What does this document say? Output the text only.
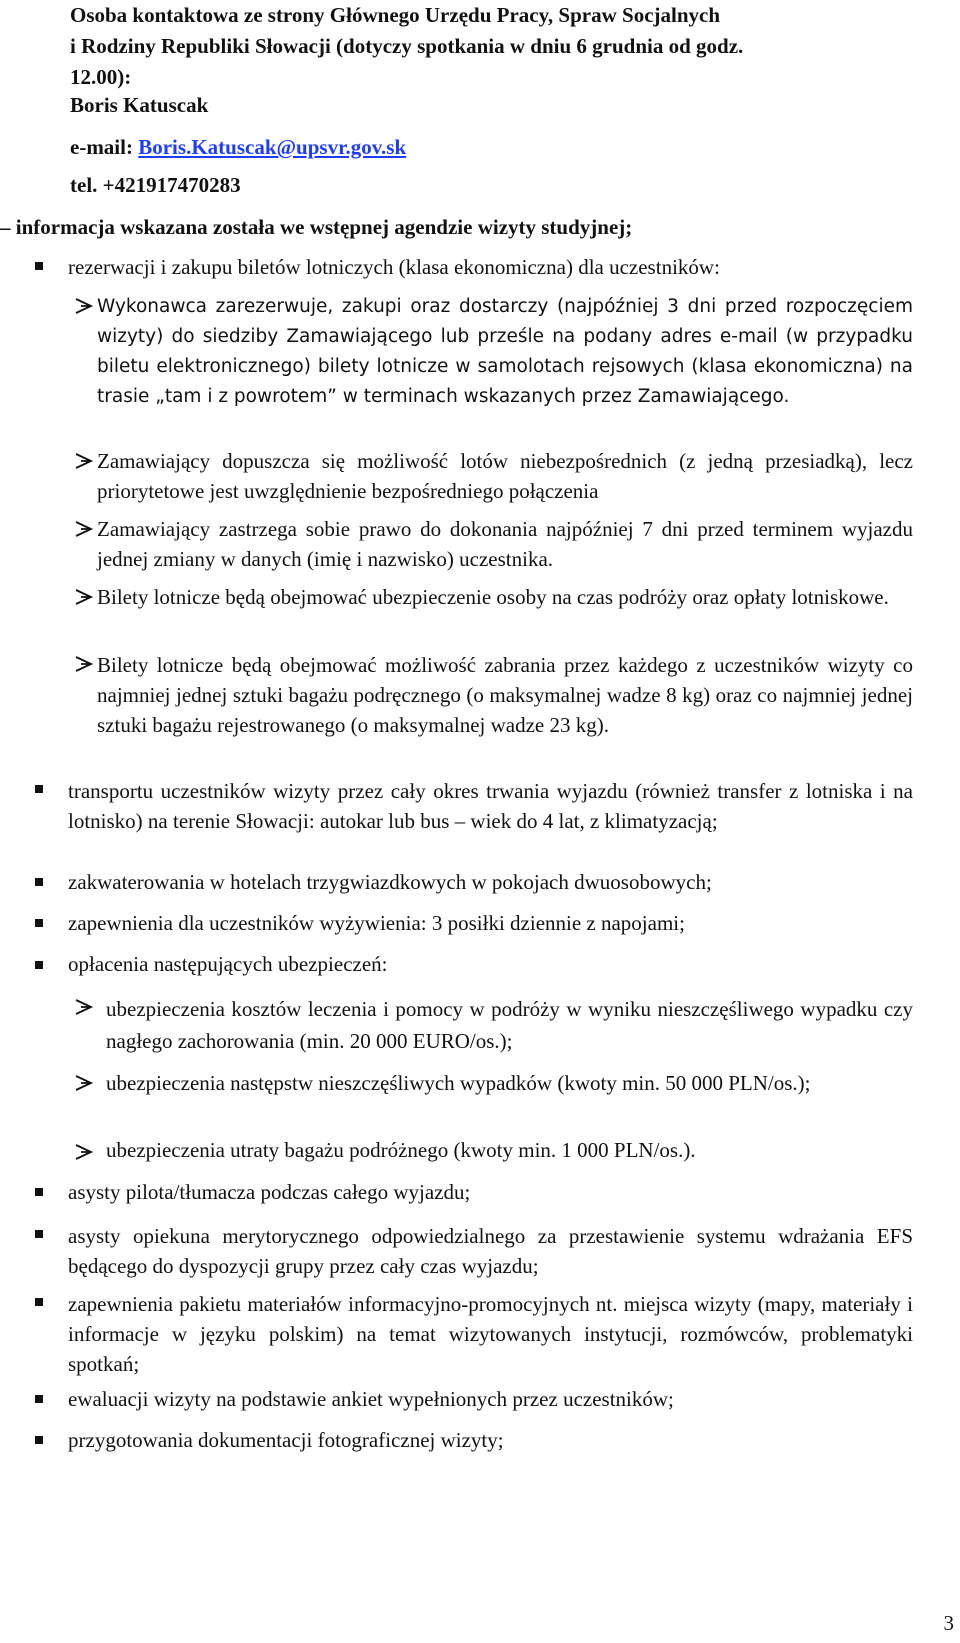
Osoba kontaktowa ze strony Głównego Urzędu Pracy, Spraw Socjalnych
i Rodziny Republiki Słowacji (dotyczy spotkania w dniu 6 grudnia od godz.
12.00):
Boris Katuscak
e-mail: Boris.Katuscak@upsvr.gov.sk
tel. +421917470283
– informacja wskazana została we wstępnej agendzie wizyty studyjnej;
rezerwacji i zakupu biletów lotniczych (klasa ekonomiczna) dla uczestników:
Wykonawca zarezerwuje, zakupi oraz dostarczy (najpóźniej 3 dni przed rozpoczęciem wizyty) do siedziby Zamawiającego lub prześle na podany adres e-mail (w przypadku biletu elektronicznego) bilety lotnicze w samolotach rejsowych (klasa ekonomiczna) na trasie „tam i z powrotem” w terminach wskazanych przez Zamawiającego.
Zamawiający dopuszcza się możliwość lotów niebezpośrednich (z jedną przesiadką), lecz priorytetowe jest uwzględnienie bezpośredniego połączenia
Zamawiający zastrzega sobie prawo do dokonania najpóźniej 7 dni przed terminem wyjazdu jednej zmiany w danych (imię i nazwisko) uczestnika.
Bilety lotnicze będą obejmować ubezpieczenie osoby na czas podróży oraz opłaty lotniskowe.
Bilety lotnicze będą obejmować możliwość zabrania przez każdego z uczestników wizyty co najmniej jednej sztuki bagażu podręcznego (o maksymalnej wadze 8 kg) oraz co najmniej jednej sztuki bagażu rejestrowanego (o maksymalnej wadze 23 kg).
transportu uczestników wizyty przez cały okres trwania wyjazdu (również transfer z lotniska i na lotnisko) na terenie Słowacji: autokar lub bus – wiek do 4 lat, z klimatyzacją;
zakwaterowania w hotelach trzygwiazdkowych w pokojach dwuosobowych;
zapewnienia dla uczestników wyżywienia: 3 posiłki dziennie z napojami;
opłacenia następujących ubezpieczeń:
ubezpieczenia kosztów leczenia i pomocy w podróży w wyniku nieszczęśliwego wypadku czy nagłego zachorowania (min. 20 000 EURO/os.);
ubezpieczenia następstw nieszczęśliwych wypadków (kwoty min. 50 000 PLN/os.);
ubezpieczenia utraty bagażu podróżnego (kwoty min. 1 000 PLN/os.).
asysty pilota/tłumacza podczas całego wyjazdu;
asysty opiekuna merytorycznego odpowiedzialnego za przestawienie systemu wdrażania EFS będącego do dyspozycji grupy przez cały czas wyjazdu;
zapewnienia pakietu materiałów informacyjno-promocyjnych nt. miejsca wizyty (mapy, materiały i informacje w języku polskim) na temat wizytowanych instytucji, rozmówców, problematyki spotkań;
ewaluacji wizyty na podstawie ankiet wypełnionych przez uczestników;
przygotowania dokumentacji fotograficznej wizyty;
3
